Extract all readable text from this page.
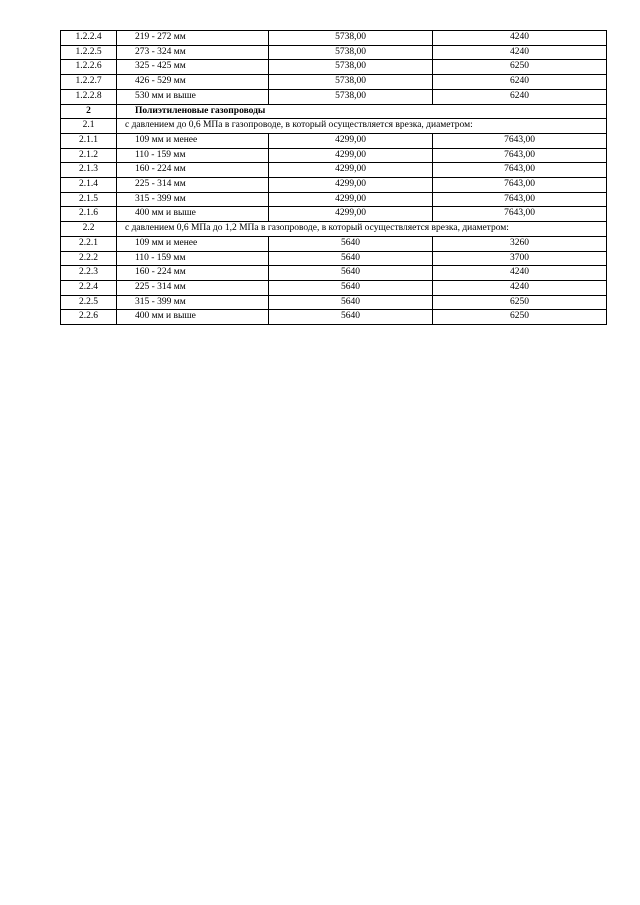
1.2.2.4	219 - 272 мм	5738,00	4240
1.2.2.5	273 - 324 мм	5738,00	4240
1.2.2.6	325 - 425 мм	5738,00	6250
1.2.2.7	426 - 529 мм	5738,00	6240
1.2.2.8	530 мм и выше	5738,00	6240
2	Полиэтиленовые газопроводы		
2.1	с давлением до 0,6 МПа в газопроводе, в который осуществляется врезка, диаметром:		
2.1.1	109 мм и менее	4299,00	7643,00
2.1.2	110 - 159 мм	4299,00	7643,00
2.1.3	160 - 224 мм	4299,00	7643,00
2.1.4	225 - 314 мм	4299,00	7643,00
2.1.5	315 - 399 мм	4299,00	7643,00
2.1.6	400 мм и выше	4299,00	7643,00
2.2	с давлением 0,6 МПа до 1,2 МПа в газопроводе, в который осуществляется врезка, диаметром:		
2.2.1	109 мм и менее	5640	3260
2.2.2	110 - 159 мм	5640	3700
2.2.3	160 - 224 мм	5640	4240
2.2.4	225 - 314 мм	5640	4240
2.2.5	315 - 399 мм	5640	6250
2.2.6	400 мм и выше	5640	6250
